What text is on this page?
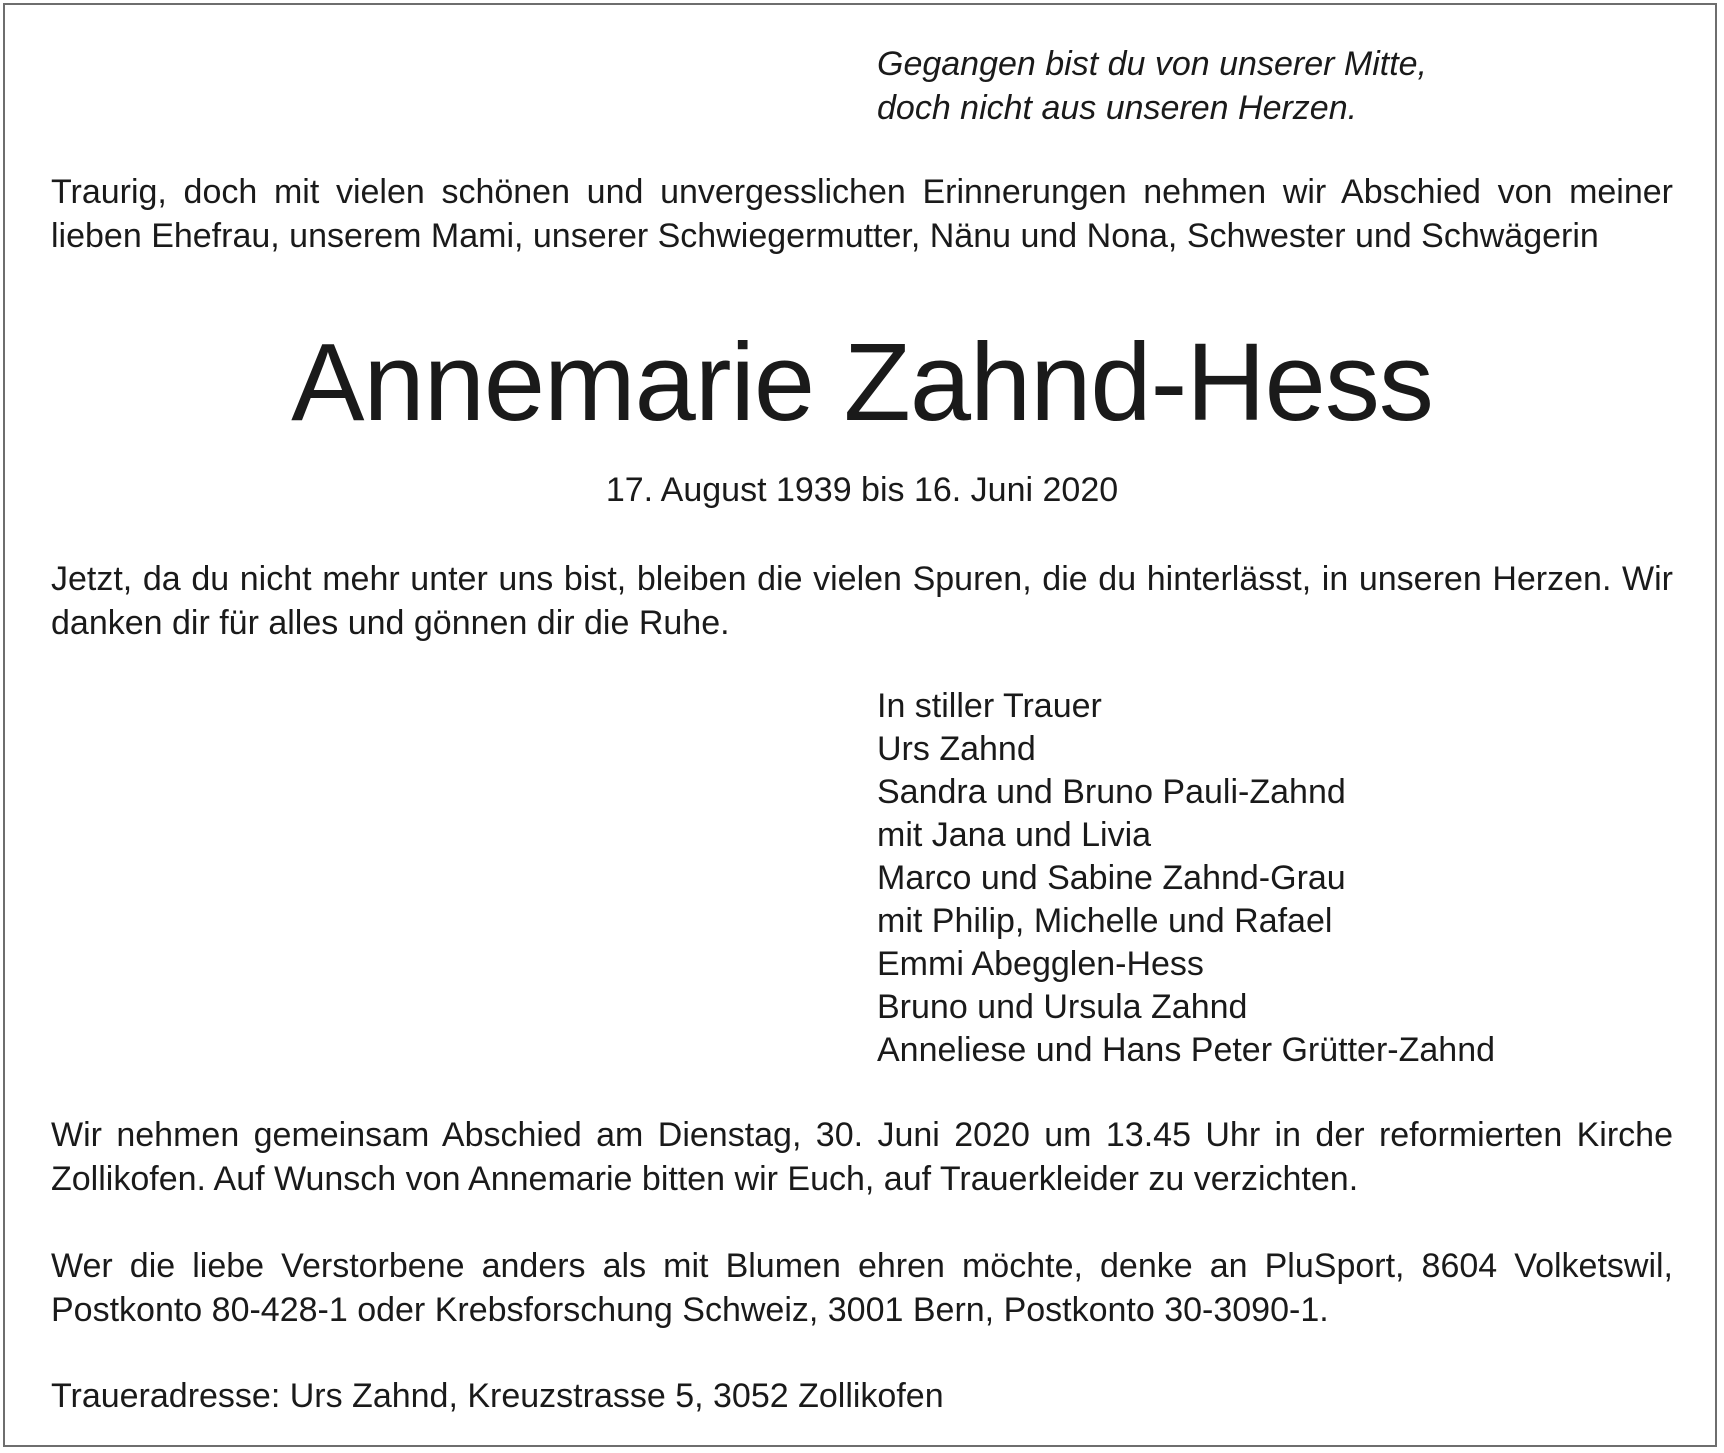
Gegangen bist du von unserer Mitte,
doch nicht aus unseren Herzen.

Traurig, doch mit vielen schönen und unvergesslichen Erinnerungen nehmen wir Abschied von meiner lieben Ehefrau, unserem Mami, unserer Schwiegermutter, Nänu und Nona, Schwester und Schwägerin

Annemarie Zahnd-Hess

17. August 1939 bis 16. Juni 2020

Jetzt, da du nicht mehr unter uns bist, bleiben die vielen Spuren, die du hinterlässt, in unseren Herzen. Wir danken dir für alles und gönnen dir die Ruhe.

In stiller Trauer
Urs Zahnd
Sandra und Bruno Pauli-Zahnd
mit Jana und Livia
Marco und Sabine Zahnd-Grau
mit Philip, Michelle und Rafael
Emmi Abegglen-Hess
Bruno und Ursula Zahnd
Anneliese und Hans Peter Grütter-Zahnd

Wir nehmen gemeinsam Abschied am Dienstag, 30. Juni 2020 um 13.45 Uhr in der reformierten Kirche Zollikofen. Auf Wunsch von Annemarie bitten wir Euch, auf Trauerkleider zu verzichten.

Wer die liebe Verstorbene anders als mit Blumen ehren möchte, denke an PluSport, 8604 Volketswil, Postkonto 80-428-1 oder Krebsforschung Schweiz, 3001 Bern, Postkonto 30-3090-1.

Traueradresse: Urs Zahnd, Kreuzstrasse 5, 3052 Zollikofen
